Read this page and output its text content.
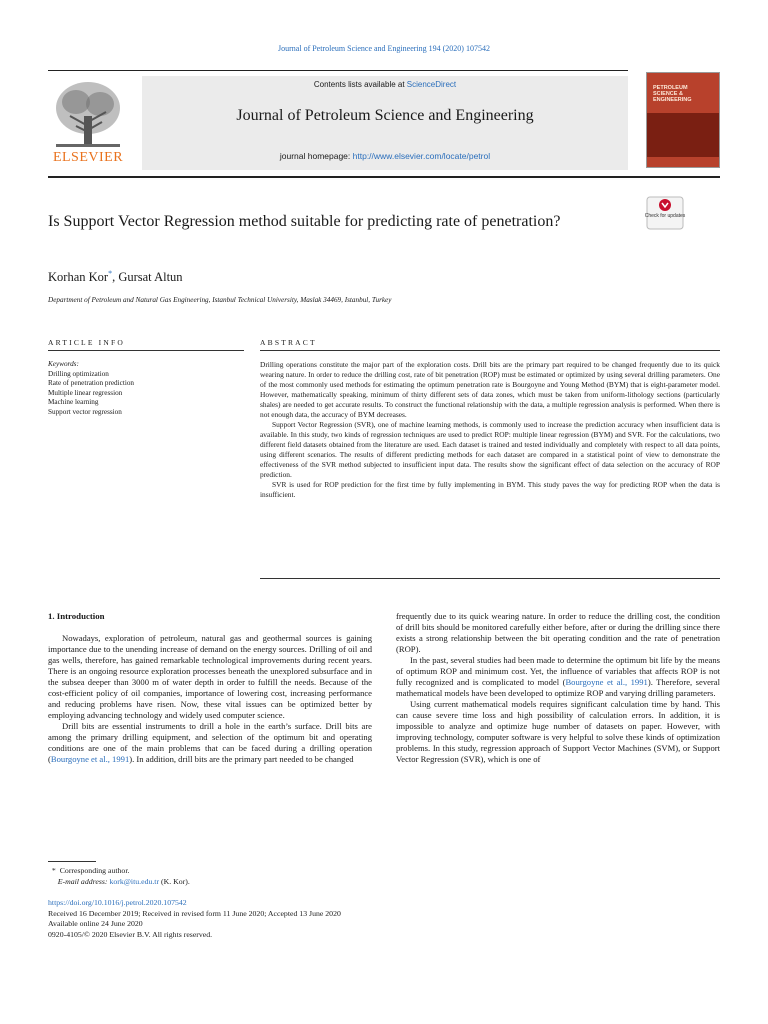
Journal of Petroleum Science and Engineering 194 (2020) 107542
ELSEVIER
Contents lists available at ScienceDirect
Journal of Petroleum Science and Engineering
journal homepage: http://www.elsevier.com/locate/petrol
PETROLEUM SCIENCE & ENGINEERING
Check for updates
Is Support Vector Regression method suitable for predicting rate of penetration?
Korhan Kor*, Gursat Altun
Department of Petroleum and Natural Gas Engineering, Istanbul Technical University, Maslak 34469, Istanbul, Turkey
ARTICLE INFO	ABSTRACT
Keywords:
Drilling optimization
Rate of penetration prediction
Multiple linear regression
Machine learning
Support vector regression

Drilling operations constitute the major part of the exploration costs. Drill bits are the primary part required to be changed frequently due to its quick wearing nature. In order to reduce the drilling cost, rate of bit penetration (ROP) must be estimated or optimized by using several drilling parameters. One of the most commonly used methods for estimating the optimum penetration rate is Bourgoyne and Young Method (BYM) that is eight-parameter model. However, mathematically speaking, minimum of thirty different sets of data zones, which must be taken from uniform-lithology sections (particularly shales) are needed to get accurate results. To construct the functional relationship with the data, a multiple regression analysis is performed. When there is not enough data, the accuracy of BYM decreases.

Support Vector Regression (SVR), one of machine learning methods, is commonly used to increase the prediction accuracy when insufficient data is available. In this study, two kinds of regression techniques are used to predict ROP: multiple linear regression (BYM) and SVR. For the calculations, two different field datasets obtained from the literature are used. Each dataset is trained and tested individually and completely with respect to all data points, using different scenarios. The results of different predicting methods for each dataset are compared in a statistical point of view to demonstrate the effectiveness of the SVR method subjected to insufficient input data. The results show the significant effect of data selection on the accuracy of ROP prediction.

SVR is used for ROP prediction for the first time by fully implementing in BYM. This study paves the way for predicting ROP when the data is insufficient.

1. Introduction

Nowadays, exploration of petroleum, natural gas and geothermal sources is gaining importance due to the unending increase of demand on the energy sources. Drilling of oil and gas wells, therefore, has gained remarkable technological improvements during recent years. There is an ongoing resource exploration processes beneath the unexplored subsurface and in the subsea deeper than 3000 m of water depth in order to fulfill the needs. Because of the cost-efficient policy of oil companies, importance of lowering cost, increasing performance and reducing problems have risen. Now, these vital issues can be optimized better by employing advancing technology and widely used computer science.

Drill bits are essential instruments to drill a hole in the earth’s surface. Drill bits are among the primary drilling equipment, and selection of the optimum bit and operating conditions are one of the main problems that can be faced during a drilling operation (Bourgoyne et al., 1991). In addition, drill bits are the primary part needed to be changed

frequently due to its quick wearing nature. In order to reduce the drilling cost, the condition of drill bits should be monitored carefully either before, after or during the drilling since there exists a strong relationship between the bit operating condition and the rate of penetration (ROP).

In the past, several studies had been made to determine the optimum bit life by the means of optimum ROP and minimum cost. Yet, the influence of variables that affects ROP is not fully recognized and is complicated to model (Bourgoyne et al., 1991). Therefore, several mathematical models have been developed to optimize ROP and varying drilling parameters.

Using current mathematical models requires significant calculation time by hand. This can cause severe time loss and high possibility of calculation errors. In addition, it is impossible to analyze and optimize huge number of datasets on paper. However, with improving technology, computer software is very helpful to solve these kinds of optimization problems. In this study, regression approach of Support Vector Machines (SVM), or Support Vector Regression (SVR), which is one of

* Corresponding author.
E-mail address: kork@itu.edu.tr (K. Kor).
https://doi.org/10.1016/j.petrol.2020.107542
Received 16 December 2019; Received in revised form 11 June 2020; Accepted 13 June 2020
Available online 24 June 2020
0920-4105/© 2020 Elsevier B.V. All rights reserved.
